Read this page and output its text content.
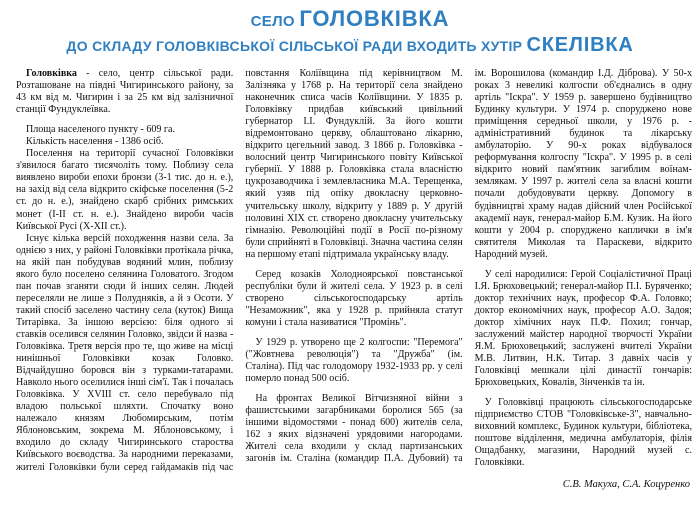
СЕЛО ГОЛОВКІВКА
ДО СКЛАДУ ГОЛОВКІВСЬКОЇ СІЛЬСЬКОЇ РАДИ ВХОДИТЬ ХУТІР СКЕЛІВКА

Головківка - село, центр сільської ради. Розташоване на півдні Чигиринського району, за 43 км від м. Чигирин і за 25 км від залізничної станції Фундуклеївка.

Площа населеного пункту - 609 га.

Кількість населення - 1386 осіб.

Поселення на території сучасної Головківки з'явилося багато тисячоліть тому. Поблизу села виявлено вироби епохи бронзи (3-1 тис. до н. е.), на захід від села відкрито скіфське поселення (5-2 ст. до н. е.), знайдено скарб срібних римських монет (I-II ст. н. е.). Знайдено вироби часів Київської Русі (X-XII ст.).

Існує кілька версій походження назви села. За однією з них, у районі Головківки протікала річка, на якій пан побудував водяний млин, поблизу якого було поселено селянина Головатого. Згодом пан почав зганяти сюди й інших селян. Людей переселяли не лише з Полудняків, а й з Осоти. У такий спосіб заселено частину села (куток) Вища Титарівка. За іншою версією: біля одного зі ставків оселився селянин Головко, звідси й назва - Головківка. Третя версія про те, що живе на місці нинішньої Головківки козак Головко. Відчайдушно боровся він з турками-татарами. Навколо нього оселилися інші сім'ї. Так і почалась Головківка. У XVIII ст. село перебувало під владою польської шляхти. Спочатку воно належало князям Любомирським, потім Яблоновським, зокрема М. Яблоновському, і входило до складу Чигиринського староства Київського воєводства. За народними переказами, жителі Головківки були серед гайдамаків під час повстання Коліївщина під керівництвом М. Залізняка у 1768 р. На території села знайдено наконечник списа часів Коліївщини. У 1835 р. Головківку придбав київський цивільний губернатор І.І. Фундуклій. За його кошти відремонтовано церкву, облаштовано лікарню, відкрито цегельний завод. З 1866 р. Головківка - волосний центр Чигиринського повіту Київської губернії. У 1888 р. Головківка стала власністю цукрозаводчика і землевласника М.А. Терещенка, який узяв під опіку двокласну церковно-учительську школу, відкриту у 1889 р. У другій половині XIX ст. створено двокласну учительську гімназію. Революційні події в Росії по-різному були сприйняті в Головківці. Значна частина селян на першому етапі підтримала українську владу.

Серед козаків Холодноярської повстанської республіки були й жителі села. У 1923 р. в селі створено сільськогосподарську артіль "Незаможник", яка у 1928 р. прийняла статут комуни і стала називатися "Промінь".

У 1929 р. утворено ще 2 колгоспи: "Перемога" ("Жовтнева революція") та "Дружба" (ім. Сталіна). Під час голодомору 1932-1933 рр. у селі померло понад 500 осіб.

На фронтах Великої Вітчизняної війни з фашистськими загарбниками боролися 565 (за іншими відомостями - понад 600) жителів села, 162 з яких відзначені урядовими нагородами. Жителі села входили у склад партизанських загонів ім. Сталіна (командир П.А. Дубовий) та ім. Ворошилова (командир І.Д. Діброва). У 50-х роках 3 невеликі колгоспи об'єднались в одну артіль "Іскра". У 1959 р. завершено будівництво Будинку культури. У 1974 р. споруджено нове приміщення середньої школи, у 1976 р. - адміністративний будинок та лікарську амбулаторію. У 90-х роках відбувалося реформування колгоспу "Іскра". У 1995 р. в селі відкрито новий пам'ятник загиблим воїнам-землякам. У 1997 р. жителі села за власні кошти почали добудовувати церкву. Допомогу в будівництві храму надав дійсний член Російської академії наук, генерал-майор Б.М. Кузик. На його кошти у 2004 р. споруджено каплички в ім'я святителя Миколая та Параскеви, відкрито Народний музей.

У селі народилися: Герой Соціалістичної Праці І.Я. Брюховецький; генерал-майор П.І. Буряченко; доктор технічних наук, професор Ф.А. Головко; доктор економічних наук, професор А.О. Задоя; доктор хімічних наук П.Ф. Похил; гончар, заслужений майстер народної творчості України Я.М. Брюховецький; заслужені вчителі України М.В. Литвин, Н.К. Титар. З давніх часів у Головківці мешкали цілі династії гончарів: Брюховецьких, Ковалів, Зінченків та ін.

У Головківці працюють сільськогосподарське підприємство СТОВ "Головківське-3", навчально-виховний комплекс, Будинок культури, бібліотека, поштове відділення, медична амбулаторія, філія Ощадбанку, магазини, Народний музей с. Головківки.

С.В. Макуха, С.А. Коцуренко
